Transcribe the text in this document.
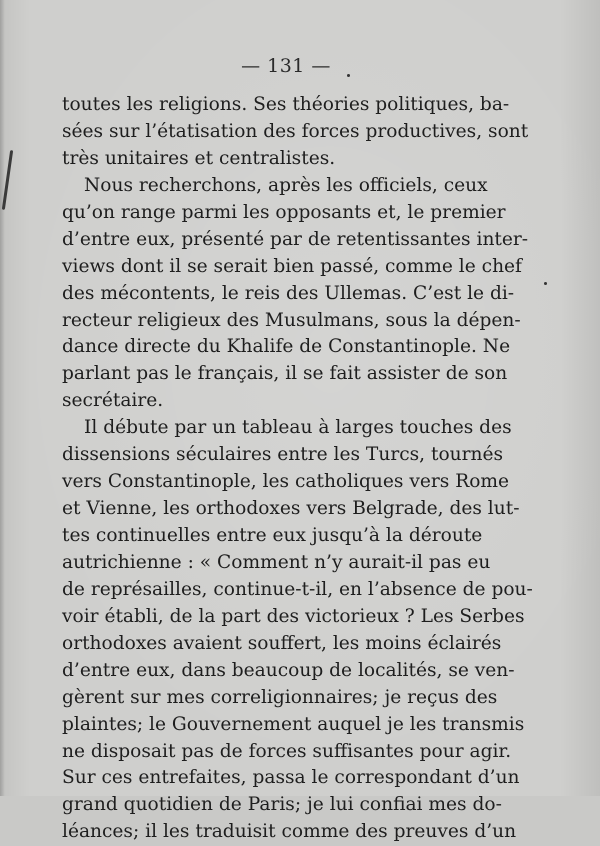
— 131 —
toutes les religions. Ses théories politiques, ba-
sées sur l’étatisation des forces productives, sont
très unitaires et centralistes.
Nous recherchons, après les officiels, ceux
qu’on range parmi les opposants et, le premier
d’entre eux, présenté par de retentissantes inter-
views dont il se serait bien passé, comme le chef
des mécontents, le reis des Ullemas. C’est le di-
recteur religieux des Musulmans, sous la dépen-
dance directe du Khalife de Constantinople. Ne
parlant pas le français, il se fait assister de son
secrétaire.
Il débute par un tableau à larges touches des
dissensions séculaires entre les Turcs, tournés
vers Constantinople, les catholiques vers Rome
et Vienne, les orthodoxes vers Belgrade, des lut-
tes continuelles entre eux jusqu’à la déroute
autrichienne : « Comment n’y aurait-il pas eu
de représailles, continue-t-il, en l’absence de pou-
voir établi, de la part des victorieux ? Les Serbes
orthodoxes avaient souffert, les moins éclairés
d’entre eux, dans beaucoup de localités, se ven-
gèrent sur mes correligionnaires; je reçus des
plaintes; le Gouvernement auquel je les transmis
ne disposait pas de forces suffisantes pour agir.
Sur ces entrefaites, passa le correspondant d’un
grand quotidien de Paris; je lui confiai mes do-
léances; il les traduisit comme des preuves d’un
